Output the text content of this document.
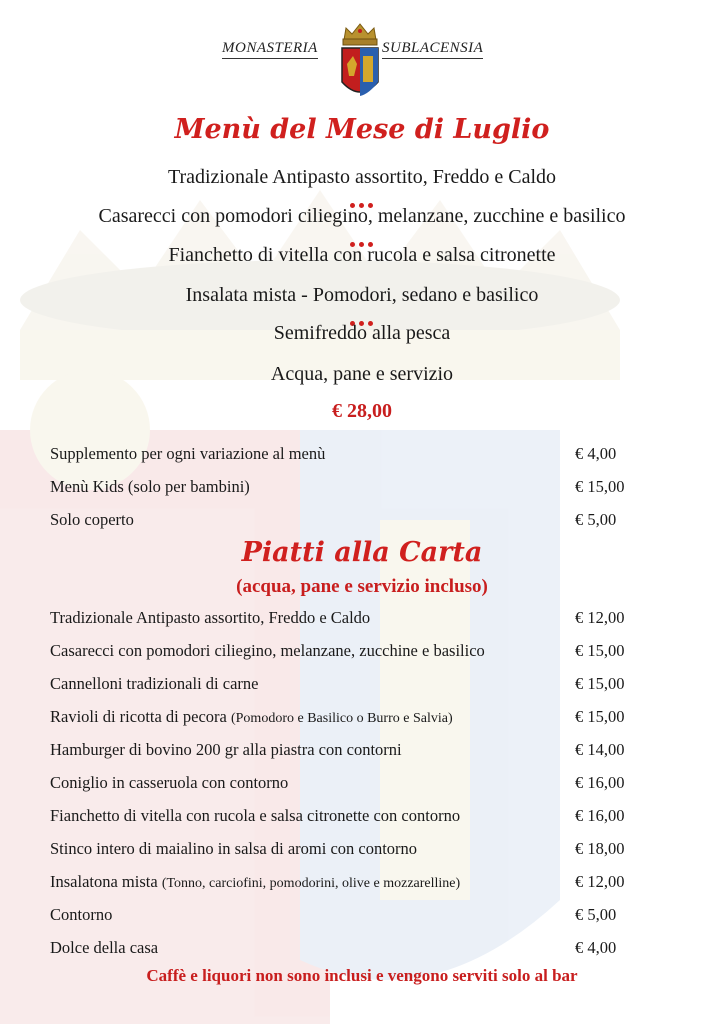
MONASTERIA	SUBLACENSIA
Menù del Mese di Luglio
Tradizionale Antipasto assortito, Freddo e Caldo
Casarecci con pomodori ciliegino, melanzane, zucchine e basilico
Fianchetto di vitella con rucola e salsa citronette
Insalata mista - Pomodori, sedano e basilico
Semifreddo alla pesca
Acqua, pane e servizio
€ 28,00
Supplemento per ogni variazione al menù	€ 4,00
Menù Kids (solo per bambini)	€ 15,00
Solo coperto	€ 5,00
Piatti alla Carta
(acqua, pane e servizio incluso)
Tradizionale Antipasto assortito, Freddo e Caldo	€ 12,00
Casarecci con pomodori ciliegino, melanzane, zucchine e basilico	€ 15,00
Cannelloni tradizionali di carne	€ 15,00
Ravioli di ricotta di pecora (Pomodoro e Basilico o Burro e Salvia)	€ 15,00
Hamburger di bovino 200 gr alla piastra con contorni	€ 14,00
Coniglio in casseruola con contorno	€ 16,00
Fianchetto di vitella con rucola e salsa citronette con contorno	€ 16,00
Stinco intero di maialino in salsa di aromi con contorno	€ 18,00
Insalatona mista (Tonno, carciofini, pomodorini, olive e mozzarelline)	€ 12,00
Contorno	€ 5,00
Dolce della casa	€ 4,00
Caffè e liquori non sono inclusi e vengono serviti solo al bar
